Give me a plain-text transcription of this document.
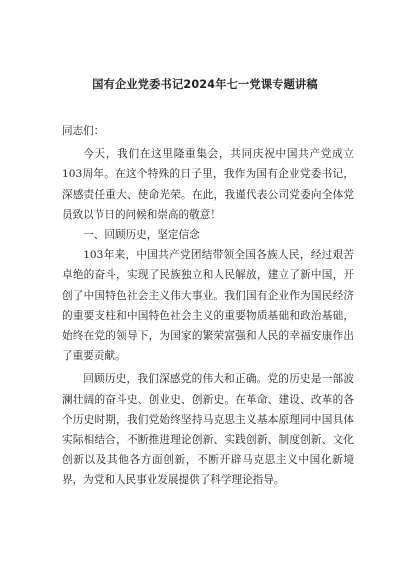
国有企业党委书记2024年七一党课专题讲稿

同志们：

今天，我们在这里隆重集会，共同庆祝中国共产党成立103周年。在这个特殊的日子里，我作为国有企业党委书记，深感责任重大、使命光荣。在此，我谨代表公司党委向全体党员致以节日的问候和崇高的敬意！

一、回顾历史，坚定信念

103年来，中国共产党团结带领全国各族人民，经过艰苦卓绝的奋斗，实现了民族独立和人民解放，建立了新中国，开创了中国特色社会主义伟大事业。我们国有企业作为国民经济的重要支柱和中国特色社会主义的重要物质基础和政治基础，始终在党的领导下，为国家的繁荣富强和人民的幸福安康作出了重要贡献。

回顾历史，我们深感党的伟大和正确。党的历史是一部波澜壮阔的奋斗史、创业史、创新史。在革命、建设、改革的各个历史时期，我们党始终坚持马克思主义基本原理同中国具体实际相结合，不断推进理论创新、实践创新、制度创新、文化创新以及其他各方面创新，不断开辟马克思主义中国化新境界，为党和人民事业发展提供了科学理论指导。
